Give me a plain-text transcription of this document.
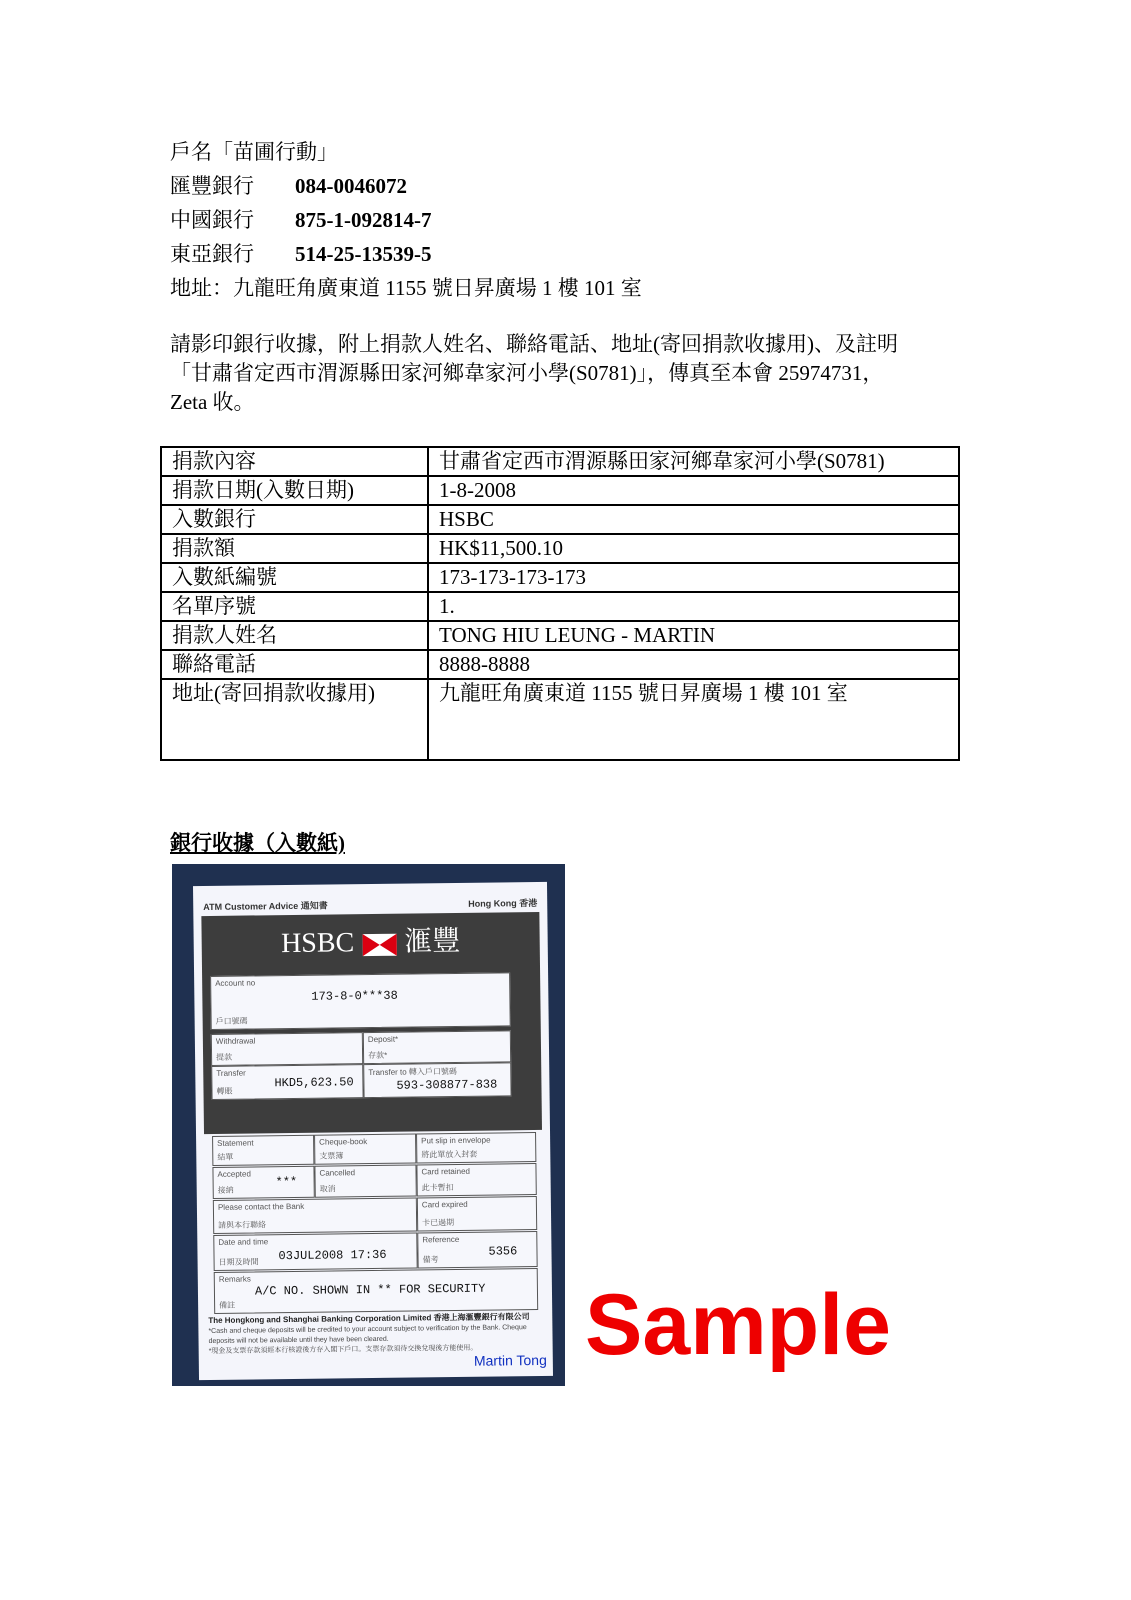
戶名「苗圃行動」
匯豐銀行 084-0046072
中國銀行 875-1-092814-7
東亞銀行 514-25-13539-5
地址：九龍旺角廣東道 1155 號日昇廣場 1 樓 101 室
請影印銀行收據，附上捐款人姓名、聯絡電話、地址(寄回捐款收據用)、及註明
「甘肅省定西市渭源縣田家河鄉韋家河小學(S0781)」，傳真至本會 25974731，
Zeta 收。
捐款內容	甘肅省定西市渭源縣田家河鄉韋家河小學(S0781)
捐款日期(入數日期)	1-8-2008
入數銀行	HSBC
捐款額	HK$11,500.10
入數紙編號	173-173-173-173
名單序號	1.
捐款人姓名	TONG HIU LEUNG - MARTIN
聯絡電話	8888-8888
地址(寄回捐款收據用)	九龍旺角廣東道 1155 號日昇廣場 1 樓 101 室
銀行收據（入數紙)
ATM Customer Advice 通知書	Hong Kong 香港
HSBC 滙豐
Account no
戶口號碼
173-8-0***38
Withdrawal
提款
Deposit*
存款*
Transfer
轉賬
HKD5,623.50
Transfer to 轉入戶口號碼
593-308877-838
Statement
結單
Cheque-book
支票簿
Put slip in envelope
將此單放入封套
Accepted
接納
***
Cancelled
取消
Card retained
此卡暫扣
Please contact the Bank
請與本行聯絡
Card expired
卡已過期
Date and time
日期及時間 03JUL2008 17:36
Reference
備考
5356
Remarks
備註
A/C NO. SHOWN IN ** FOR SECURITY
The Hongkong and Shanghai Banking Corporation Limited 香港上海滙豐銀行有限公司
*Cash and cheque deposits will be credited to your account subject to verification by the Bank. Cheque
deposits will not be available until they have been cleared.
*現金及支票存款須經本行核證後方存入閣下戶口。支票存款須待交換兌現後方能使用。
Martin Tong Sample
